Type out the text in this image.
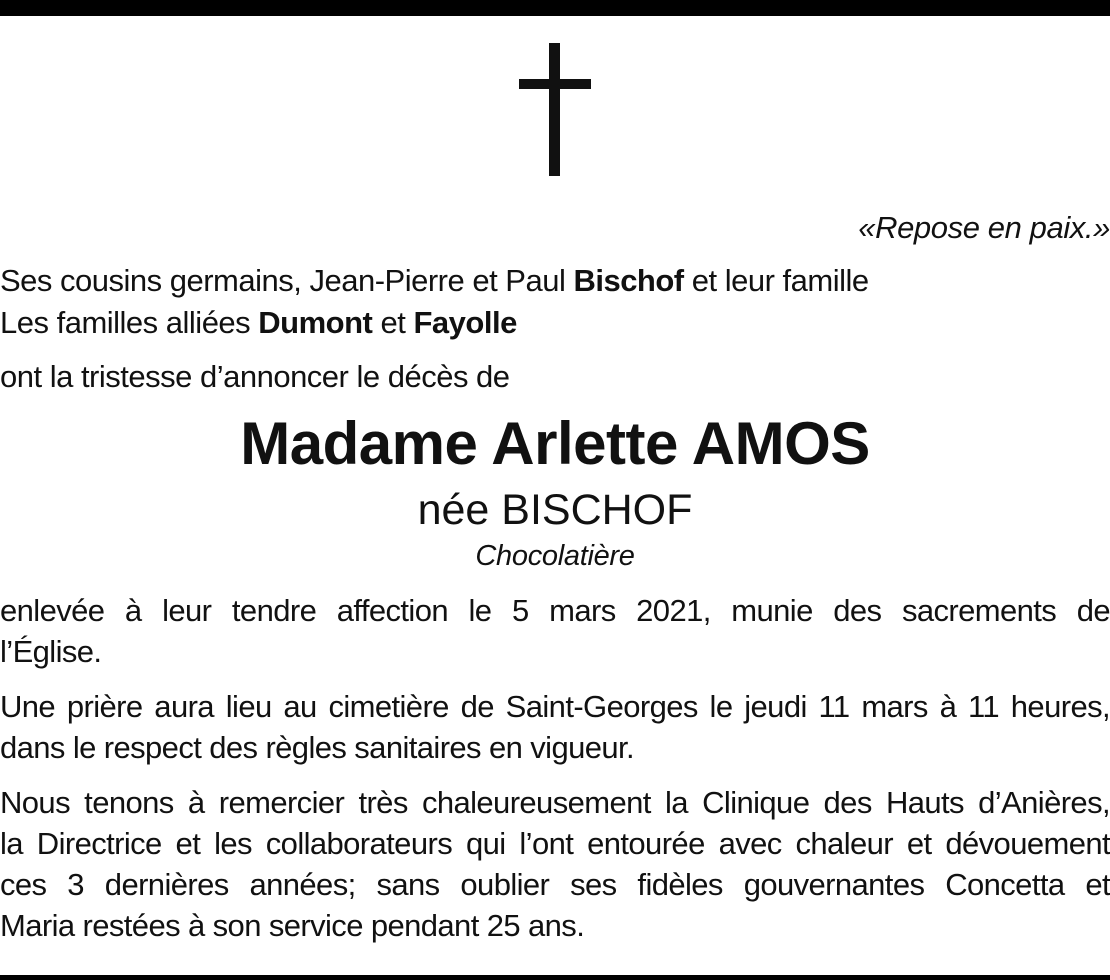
«Repose en paix.»

Ses cousins germains, Jean-Pierre et Paul Bischof et leur famille

Les familles alliées Dumont et Fayolle

ont la tristesse d’annoncer le décès de

Madame Arlette AMOS
née BISCHOF
Chocolatière
enlevée à leur tendre affection le 5 mars 2021, munie des sacrements de
l’Église.
Une prière aura lieu au cimetière de Saint-Georges le jeudi 11 mars à 11 heures,
dans le respect des règles sanitaires en vigueur.
Nous tenons à remercier très chaleureusement la Clinique des Hauts d’Anières,
la Directrice et les collaborateurs qui l’ont entourée avec chaleur et dévouement
ces 3 dernières années; sans oublier ses fidèles gouvernantes Concetta et
Maria restées à son service pendant 25 ans.
